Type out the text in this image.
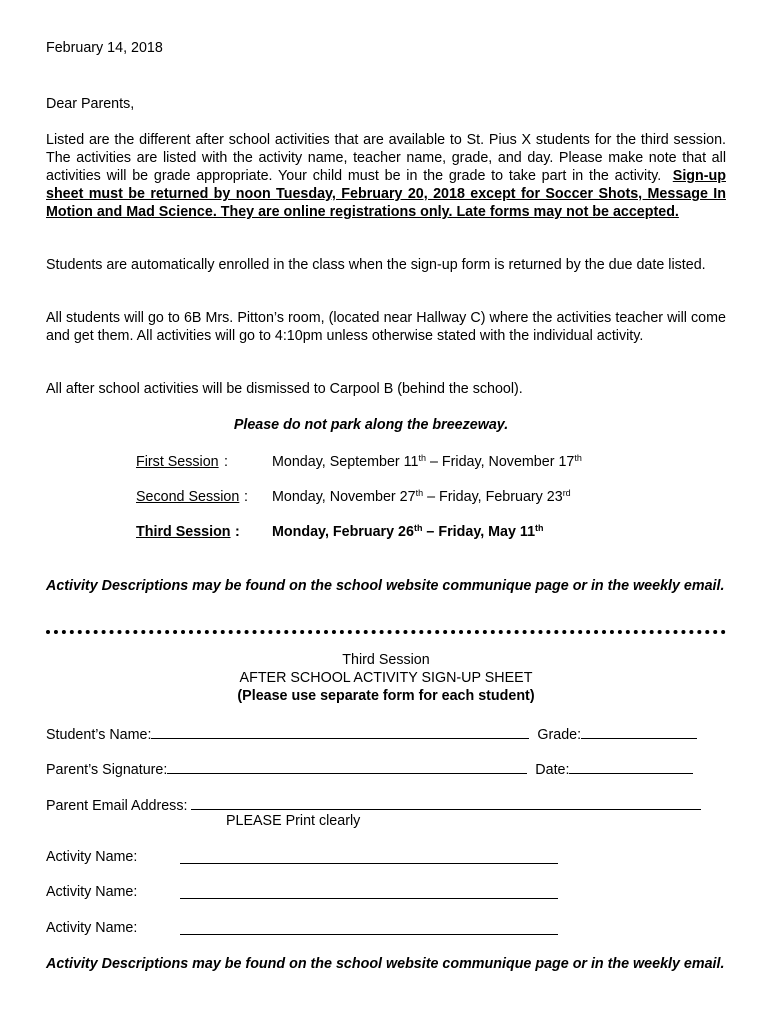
February 14, 2018
Dear Parents,

Listed are the different after school activities that are available to St. Pius X students for the third session. The activities are listed with the activity name, teacher name, grade, and day. Please make note that all activities will be grade appropriate. Your child must be in the grade to take part in the activity. Sign-up sheet must be returned by noon Tuesday, February 20, 2018 except for Soccer Shots, Message In Motion and Mad Science. They are online registrations only. Late forms may not be accepted.

Students are automatically enrolled in the class when the sign-up form is returned by the due date listed.

All students will go to 6B Mrs. Pitton’s room, (located near Hallway C) where the activities teacher will come and get them. All activities will go to 4:10pm unless otherwise stated with the individual activity.

All after school activities will be dismissed to Carpool B (behind the school).

Please do not park along the breezeway.
First Session :	Monday, September 11th – Friday, November 17th
Second Session : Monday, November 27th – Friday, February 23rd
Third Session : Monday, February 26th – Friday, May 11th

Activity Descriptions may be found on the school website communique page or in the weekly email.

Third Session
AFTER SCHOOL ACTIVITY SIGN-UP SHEET
(Please use separate form for each student)
Student’s Name:	Grade:
Parent’s Signature:	Date:
Parent Email Address:
PLEASE Print clearly
Activity Name:
Activity Name:
Activity Name:

Activity Descriptions may be found on the school website communique page or in the weekly email.
